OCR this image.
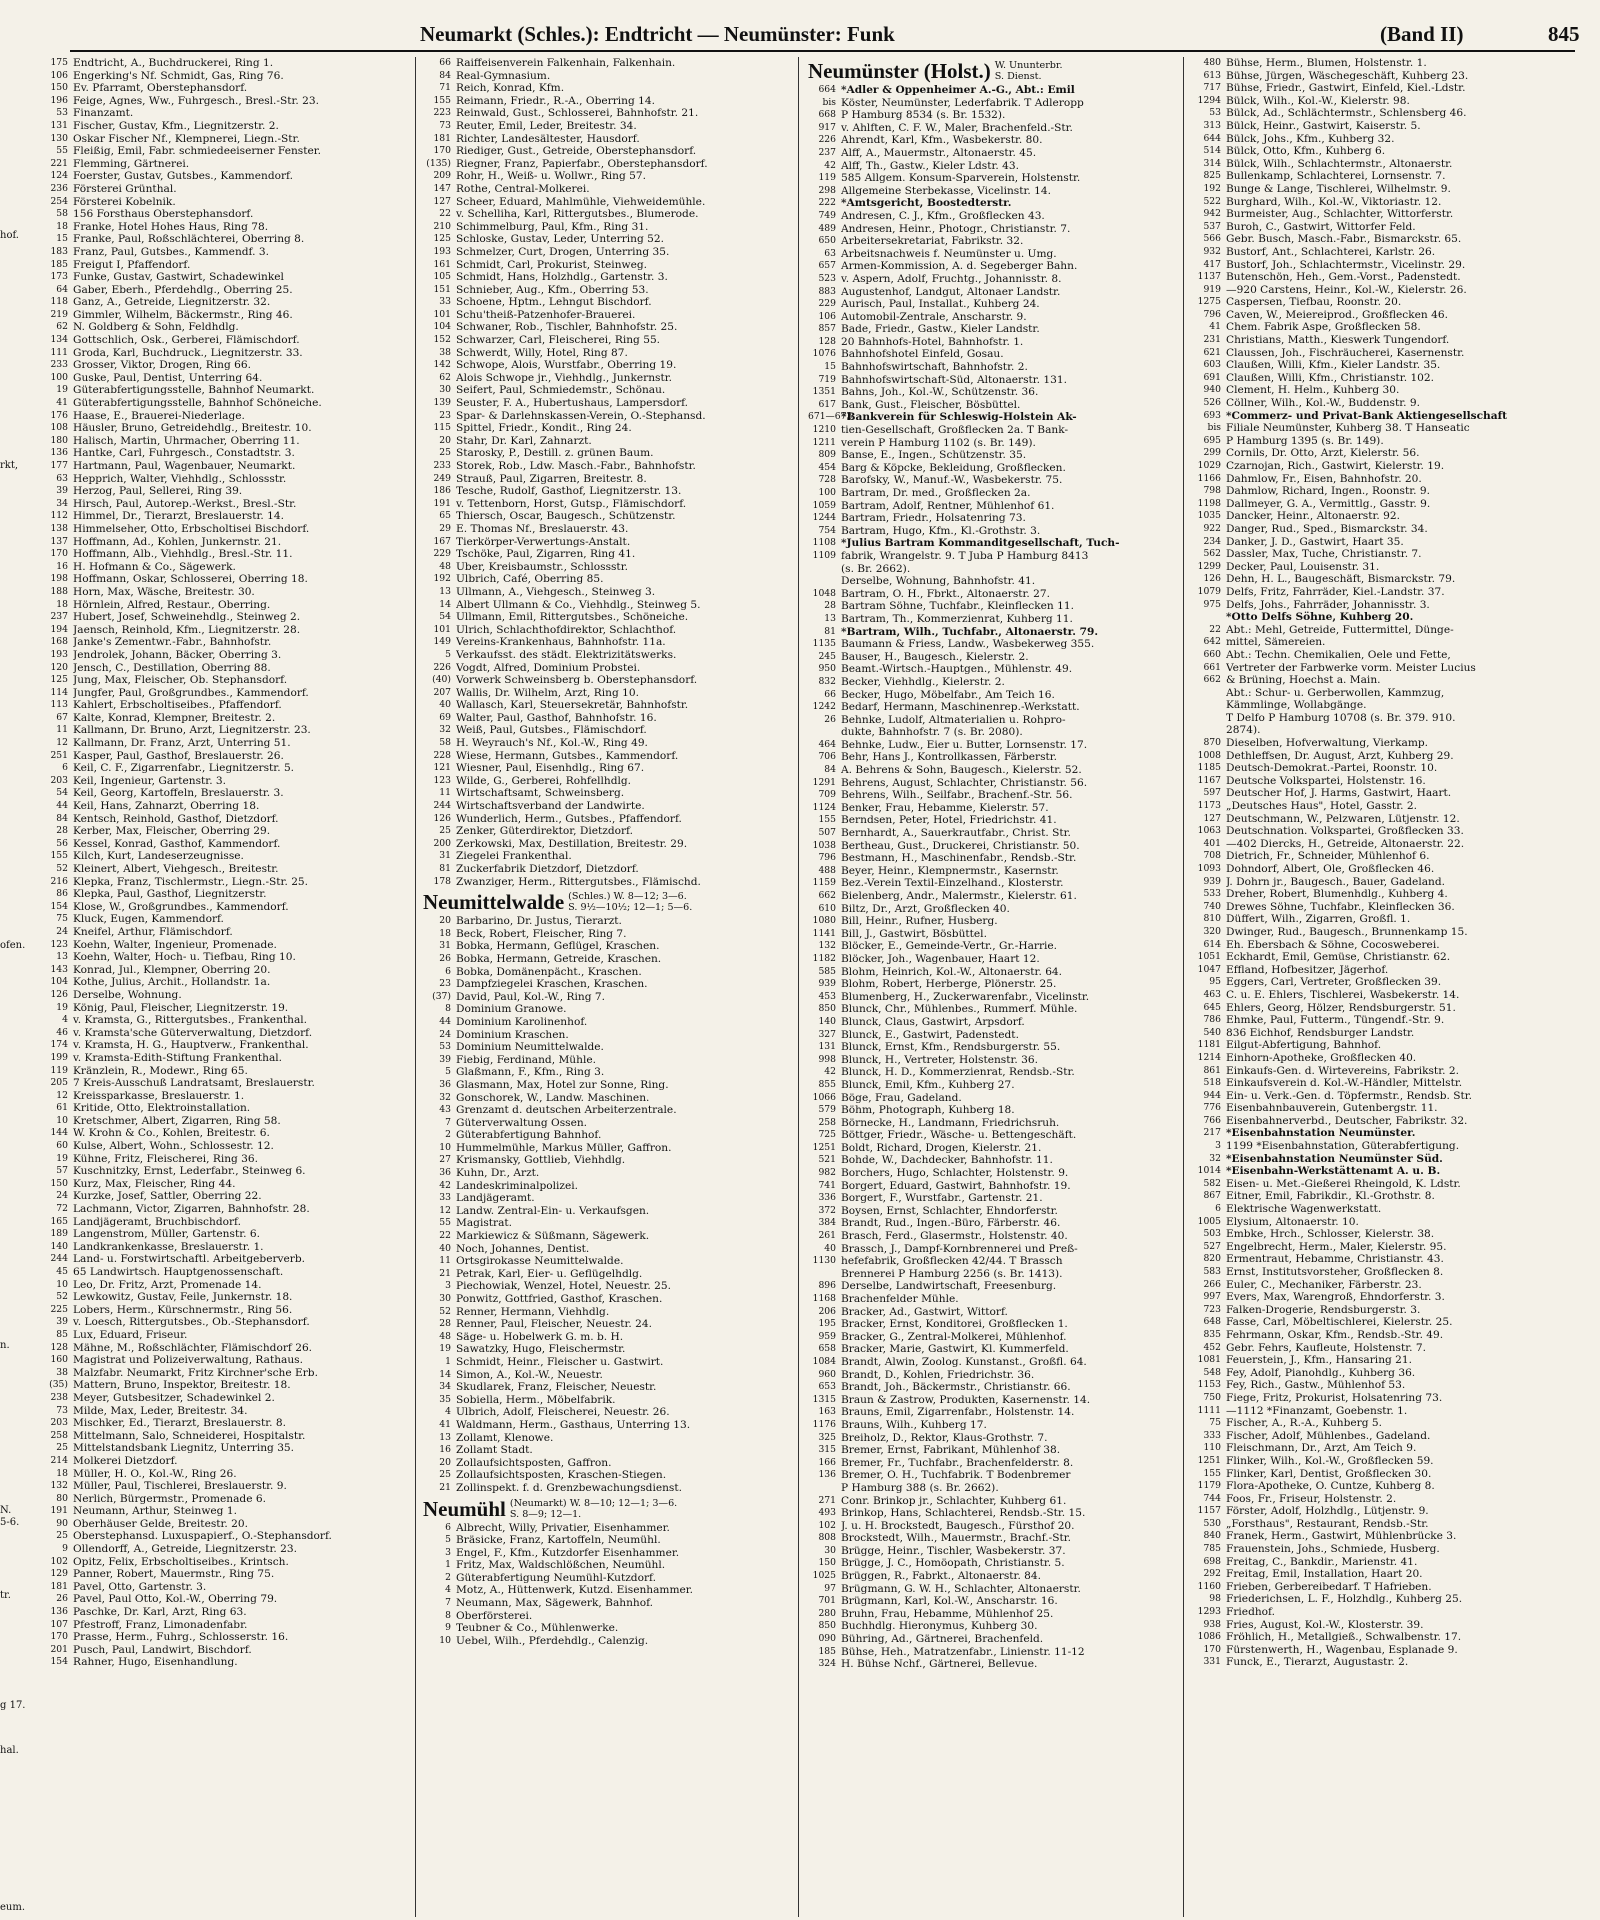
Neumarkt (Schles.): Endtricht — Neumünster: Funk	(Band II)	845
hof.
rkt,
ofen.
n.
N.
5-6.
tr.
g 17.
hal.
eum.
175 Endtricht, A., Buchdruckerei, Ring 1.
106 Engerking's Nf. Schmidt, Gas, Ring 76.
150 Ev. Pfarramt, Oberstephansdorf.
196 Feige, Agnes, Ww., Fuhrgesch., Bresl.-Str. 23.
53 Finanzamt.
131 Fischer, Gustav, Kfm., Liegnitzerstr. 2.
130 Oskar Fischer Nf., Klempnerei, Liegn.-Str.
55 Fleißig, Emil, Fabr. schmiedeeiserner Fenster.
221 Flemming, Gärtnerei.
124 Foerster, Gustav, Gutsbes., Kammendorf.
236 Försterei Grünthal.
254 Försterei Kobelnik.
58 156 Forsthaus Oberstephansdorf.
18 Franke, Hotel Hohes Haus, Ring 78.
15 Franke, Paul, Roßschlächterei, Oberring 8.
183 Franz, Paul, Gutsbes., Kammendf. 3.
185 Freigut I, Pfaffendorf.
173 Funke, Gustav, Gastwirt, Schadewinkel
64 Gaber, Eberh., Pferdehdlg., Oberring 25.
118 Ganz, A., Getreide, Liegnitzerstr. 32.
219 Gimmler, Wilhelm, Bäckermstr., Ring 46.
62 N. Goldberg & Sohn, Feldhdlg.
134 Gottschlich, Osk., Gerberei, Flämischdorf.
111 Groda, Karl, Buchdruck., Liegnitzerstr. 33.
233 Grosser, Viktor, Drogen, Ring 66.
100 Guske, Paul, Dentist, Unterring 64.
19 Güterabfertigungsstelle, Bahnhof Neumarkt.
41 Güterabfertigungsstelle, Bahnhof Schöneiche.
176 Haase, E., Brauerei-Niederlage.
108 Häusler, Bruno, Getreidehdlg., Breitestr. 10.
180 Halisch, Martin, Uhrmacher, Oberring 11.
136 Hantke, Carl, Fuhrgesch., Constadtstr. 3.
177 Hartmann, Paul, Wagenbauer, Neumarkt.
63 Hepprich, Walter, Viehhdlg., Schlossstr.
39 Herzog, Paul, Sellerei, Ring 39.
34 Hirsch, Paul, Autorep.-Werkst., Bresl.-Str.
112 Himmel, Dr., Tierarzt, Breslauerstr. 14.
138 Himmelseher, Otto, Erbscholtisei Bischdorf.
137 Hoffmann, Ad., Kohlen, Junkernstr. 21.
170 Hoffmann, Alb., Viehhdlg., Bresl.-Str. 11.
16 H. Hofmann & Co., Sägewerk.
198 Hoffmann, Oskar, Schlosserei, Oberring 18.
188 Horn, Max, Wäsche, Breitestr. 30.
18 Hörnlein, Alfred, Restaur., Oberring.
237 Hubert, Josef, Schweinehdlg., Steinweg 2.
194 Jaensch, Reinhold, Kfm., Liegnitzerstr. 28.
168 Janke's Zementwr.-Fabr., Bahnhofstr.
193 Jendrolek, Johann, Bäcker, Oberring 3.
120 Jensch, C., Destillation, Oberring 88.
125 Jung, Max, Fleischer, Ob. Stephansdorf.
114 Jungfer, Paul, Großgrundbes., Kammendorf.
113 Kahlert, Erbscholtiseibes., Pfaffendorf.
67 Kalte, Konrad, Klempner, Breitestr. 2.
11 Kallmann, Dr. Bruno, Arzt, Liegnitzerstr. 23.
12 Kallmann, Dr. Franz, Arzt, Unterring 51.
251 Kasper, Paul, Gasthof, Breslauerstr. 26.
6 Keil, C. F., Zigarrenfabr., Liegnitzerstr. 5.
203 Keil, Ingenieur, Gartenstr. 3.
54 Keil, Georg, Kartoffeln, Breslauerstr. 3.
44 Keil, Hans, Zahnarzt, Oberring 18.
84 Kentsch, Reinhold, Gasthof, Dietzdorf.
28 Kerber, Max, Fleischer, Oberring 29.
56 Kessel, Konrad, Gasthof, Kammendorf.
155 Kilch, Kurt, Landeserzeugnisse.
52 Kleinert, Albert, Viehgesch., Breitestr.
216 Klepka, Franz, Tischlermstr., Liegn.-Str. 25.
86 Klepka, Paul, Gasthof, Liegnitzerstr.
154 Klose, W., Großgrundbes., Kammendorf.
75 Kluck, Eugen, Kammendorf.
24 Kneifel, Arthur, Flämischdorf.
123 Koehn, Walter, Ingenieur, Promenade.
13 Koehn, Walter, Hoch- u. Tiefbau, Ring 10.
143 Konrad, Jul., Klempner, Oberring 20.
104 Kothe, Julius, Archit., Hollandstr. 1a.
126 Derselbe, Wohnung.
19 König, Paul, Fleischer, Liegnitzerstr. 19.
4 v. Kramsta, G., Rittergutsbes., Frankenthal.
46 v. Kramsta'sche Güterverwaltung, Dietzdorf.
174 v. Kramsta, H. G., Hauptverw., Frankenthal.
199 v. Kramsta-Edith-Stiftung Frankenthal.
119 Kränzlein, R., Modewr., Ring 65.
205 7 Kreis-Ausschuß Landratsamt, Breslauerstr.
12 Kreissparkasse, Breslauerstr. 1.
61 Kritide, Otto, Elektroinstallation.
10 Kretschmer, Albert, Zigarren, Ring 58.
144 W. Krohn & Co., Kohlen, Breitestr. 6.
60 Kulse, Albert, Wohn., Schlossestr. 12.
19 Kühne, Fritz, Fleischerei, Ring 36.
57 Kuschnitzky, Ernst, Lederfabr., Steinweg 6.
150 Kurz, Max, Fleischer, Ring 44.
24 Kurzke, Josef, Sattler, Oberring 22.
72 Lachmann, Victor, Zigarren, Bahnhofstr. 28.
165 Landjägeramt, Bruchbischdorf.
189 Langenstrom, Müller, Gartenstr. 6.
140 Landkrankenkasse, Breslauerstr. 1.
244 Land- u. Forstwirtschaftl. Arbeitgeberverb.
45 65 Landwirtsch. Hauptgenossenschaft.
10 Leo, Dr. Fritz, Arzt, Promenade 14.
52 Lewkowitz, Gustav, Feile, Junkernstr. 18.
225 Lobers, Herm., Kürschnermstr., Ring 56.
39 v. Loesch, Rittergutsbes., Ob.-Stephansdorf.
85 Lux, Eduard, Friseur.
128 Mähne, M., Roßschlächter, Flämischdorf 26.
160 Magistrat und Polizeiverwaltung, Rathaus.
38 Malzfabr. Neumarkt, Fritz Kirchner'sche Erb.
(35) Mattern, Bruno, Inspektor, Breitestr. 18.
238 Meyer, Gutsbesitzer, Schadewinkel 2.
73 Milde, Max, Leder, Breitestr. 34.
203 Mischker, Ed., Tierarzt, Breslauerstr. 8.
258 Mittelmann, Salo, Schneiderei, Hospitalstr.
25 Mittelstandsbank Liegnitz, Unterring 35.
214 Molkerei Dietzdorf.
18 Müller, H. O., Kol.-W., Ring 26.
132 Müller, Paul, Tischlerei, Breslauerstr. 9.
80 Nerlich, Bürgermstr., Promenade 6.
191 Neumann, Arthur, Steinweg 1.
90 Oberhäuser Gelde, Breitestr. 20.
25 Oberstephansd. Luxuspapierf., O.-Stephansdorf.
9 Ollendorff, A., Getreide, Liegnitzerstr. 23.
102 Opitz, Felix, Erbscholtiseibes., Krintsch.
129 Panner, Robert, Mauermstr., Ring 75.
181 Pavel, Otto, Gartenstr. 3.
26 Pavel, Paul Otto, Kol.-W., Oberring 79.
136 Paschke, Dr. Karl, Arzt, Ring 63.
107 Pfestroff, Franz, Limonadenfabr.
170 Prasse, Herm., Fuhrg., Schlosserstr. 16.
201 Pusch, Paul, Landwirt, Bischdorf.
154 Rahner, Hugo, Eisenhandlung.
66 Raiffeisenverein Falkenhain, Falkenhain.
84 Real-Gymnasium.
71 Reich, Konrad, Kfm.
155 Reimann, Friedr., R.-A., Oberring 14.
223 Reinwald, Gust., Schlosserei, Bahnhofstr. 21.
73 Reuter, Emil, Leder, Breitestr. 34.
181 Richter, Landesältester, Hausdorf.
170 Riediger, Gust., Getreide, Oberstephansdorf.
(135) Riegner, Franz, Papierfabr., Oberstephansdorf.
209 Rohr, H., Weiß- u. Wollwr., Ring 57.
147 Rothe, Central-Molkerei.
127 Scheer, Eduard, Mahlmühle, Viehweidemühle.
22 v. Schelliha, Karl, Rittergutsbes., Blumerode.
210 Schimmelburg, Paul, Kfm., Ring 31.
125 Schloske, Gustav, Leder, Unterring 52.
193 Schmelzer, Curt, Drogen, Unterring 35.
161 Schmidt, Carl, Prokurist, Steinweg.
105 Schmidt, Hans, Holzhdlg., Gartenstr. 3.
151 Schnieber, Aug., Kfm., Oberring 53.
33 Schoene, Hptm., Lehngut Bischdorf.
101 Schu'theiß-Patzenhofer-Brauerei.
104 Schwaner, Rob., Tischler, Bahnhofstr. 25.
152 Schwarzer, Carl, Fleischerei, Ring 55.
38 Schwerdt, Willy, Hotel, Ring 87.
142 Schwope, Alois, Wurstfabr., Oberring 19.
62 Alois Schwope jr., Viehhdlg., Junkernstr.
30 Seifert, Paul, Schmiedemstr., Schönau.
139 Seuster, F. A., Hubertushaus, Lampersdorf.
23 Spar- & Darlehnskassen-Verein, O.-Stephansd.
115 Spittel, Friedr., Kondit., Ring 24.
20 Stahr, Dr. Karl, Zahnarzt.
25 Starosky, P., Destill. z. grünen Baum.
233 Storek, Rob., Ldw. Masch.-Fabr., Bahnhofstr.
249 Strauß, Paul, Zigarren, Breitestr. 8.
186 Tesche, Rudolf, Gasthof, Liegnitzerstr. 13.
191 v. Tettenborn, Horst, Gutsp., Flämischdorf.
65 Thiersch, Oscar, Baugesch., Schützenstr.
29 E. Thomas Nf., Breslauerstr. 43.
167 Tierkörper-Verwertungs-Anstalt.
229 Tschöke, Paul, Zigarren, Ring 41.
48 Uber, Kreisbaumstr., Schlossstr.
192 Ulbrich, Café, Oberring 85.
13 Ullmann, A., Viehgesch., Steinweg 3.
14 Albert Ullmann & Co., Viehhdlg., Steinweg 5.
54 Ullmann, Emil, Rittergutsbes., Schöneiche.
101 Ulrich, Schlachthofdirektor, Schlachthof.
149 Vereins-Krankenhaus, Bahnhofstr. 11a.
5 Verkaufsst. des städt. Elektrizitätswerks.
226 Vogdt, Alfred, Dominium Probstei.
(40) Vorwerk Schweinsberg b. Oberstephansdorf.
207 Wallis, Dr. Wilhelm, Arzt, Ring 10.
40 Wallasch, Karl, Steuersekretär, Bahnhofstr.
69 Walter, Paul, Gasthof, Bahnhofstr. 16.
32 Weiß, Paul, Gutsbes., Flämischdorf.
58 H. Weyrauch's Nf., Kol.-W., Ring 49.
228 Wiese, Hermann, Gutsbes., Kammendorf.
121 Wiesner, Paul, Eisenhdlg., Ring 67.
123 Wilde, G., Gerberei, Rohfellhdlg.
11 Wirtschaftsamt, Schweinsberg.
244 Wirtschaftsverband der Landwirte.
126 Wunderlich, Herm., Gutsbes., Pfaffendorf.
25 Zenker, Güterdirektor, Dietzdorf.
200 Zerkowski, Max, Destillation, Breitestr. 29.
31 Ziegelei Frankenthal.
81 Zuckerfabrik Dietzdorf, Dietzdorf.
178 Zwanziger, Herm., Rittergutsbes., Flämischd.
Neumittelwalde (Schles.) W. 8—12; 3—6.
S. 9½—10½; 12—1; 5—6.
20 Barbarino, Dr. Justus, Tierarzt.
18 Beck, Robert, Fleischer, Ring 7.
31 Bobka, Hermann, Geflügel, Kraschen.
26 Bobka, Hermann, Getreide, Kraschen.
6 Bobka, Domänenpächt., Kraschen.
23 Dampfziegelei Kraschen, Kraschen.
(37) David, Paul, Kol.-W., Ring 7.
8 Dominium Granowe.
44 Dominium Karolinenhof.
24 Dominium Kraschen.
53 Dominium Neumittelwalde.
39 Fiebig, Ferdinand, Mühle.
5 Glaßmann, F., Kfm., Ring 3.
36 Glasmann, Max, Hotel zur Sonne, Ring.
32 Gonschorek, W., Landw. Maschinen.
43 Grenzamt d. deutschen Arbeiterzentrale.
7 Güterverwaltung Ossen.
2 Güterabfertigung Bahnhof.
10 Hummelmühle, Markus Müller, Gaffron.
27 Krismansky, Gottlieb, Viehhdlg.
36 Kuhn, Dr., Arzt.
42 Landeskriminalpolizei.
33 Landjägeramt.
12 Landw. Zentral-Ein- u. Verkaufsgen.
55 Magistrat.
22 Markiewicz & Süßmann, Sägewerk.
40 Noch, Johannes, Dentist.
11 Ortsgirokasse Neumittelwalde.
21 Petrak, Karl, Eier- u. Geflügelhdlg.
3 Piechowiak, Wenzel, Hotel, Neuestr. 25.
30 Ponwitz, Gottfried, Gasthof, Kraschen.
52 Renner, Hermann, Viehhdlg.
28 Renner, Paul, Fleischer, Neuestr. 24.
48 Säge- u. Hobelwerk G. m. b. H.
19 Sawatzky, Hugo, Fleischermstr.
1 Schmidt, Heinr., Fleischer u. Gastwirt.
14 Simon, A., Kol.-W., Neuestr.
34 Skudlarek, Franz, Fleischer, Neuestr.
35 Sobiella, Herm., Möbelfabrik.
4 Ulbrich, Adolf, Fleischerei, Neuestr. 26.
41 Waldmann, Herm., Gasthaus, Unterring 13.
13 Zollamt, Klenowe.
16 Zollamt Stadt.
20 Zollaufsichtsposten, Gaffron.
25 Zollaufsichtsposten, Kraschen-Stiegen.
21 Zollinspekt. f. d. Grenzbewachungsdienst.
Neumühl (Neumarkt) W. 8—10; 12—1; 3—6.
S. 8—9; 12—1.
6 Albrecht, Willy, Privatier, Eisenhammer.
5 Bräsicke, Franz, Kartoffeln, Neumühl.
3 Engel, F., Kfm., Kutzdorfer Eisenhammer.
1 Fritz, Max, Waldschlößchen, Neumühl.
2 Güterabfertigung Neumühl-Kutzdorf.
4 Motz, A., Hüttenwerk, Kutzd. Eisenhammer.
7 Neumann, Max, Sägewerk, Bahnhof.
8 Oberförsterei.
9 Teubner & Co., Mühlenwerke.
10 Uebel, Wilh., Pferdehdlg., Calenzig.
Neumünster (Holst.) W. Ununterbr.
S. Dienst.
664 *Adler & Oppenheimer A.-G., Abt.: Emil
bis Köster, Neumünster, Lederfabrik. T Adleropp
668 P Hamburg 8534 (s. Br. 1532).
917 v. Ahlften, C. F. W., Maler, Brachenfeld.-Str.
226 Ahrendt, Karl, Kfm., Wasbekerstr. 80.
237 Alff, A., Mauermstr., Altonaerstr. 45.
42 Alff, Th., Gastw., Kieler Ldstr. 43.
119 585 Allgem. Konsum-Sparverein, Holstenstr.
298 Allgemeine Sterbekasse, Vicelinstr. 14.
222 *Amtsgericht, Boostedterstr.
749 Andresen, C. J., Kfm., Großflecken 43.
489 Andresen, Heinr., Photogr., Christianstr. 7.
650 Arbeitersekretariat, Fabrikstr. 32.
63 Arbeitsnachweis f. Neumünster u. Umg.
657 Armen-Kommission, A. d. Segeberger Bahn.
523 v. Aspern, Adolf, Fruchtg., Johannisstr. 8.
883 Augustenhof, Landgut, Altonaer Landstr.
229 Aurisch, Paul, Installat., Kuhberg 24.
106 Automobil-Zentrale, Anscharstr. 9.
857 Bade, Friedr., Gastw., Kieler Landstr.
128 20 Bahnhofs-Hotel, Bahnhofstr. 1.
1076 Bahnhofshotel Einfeld, Gosau.
15 Bahnhofswirtschaft, Bahnhofstr. 2.
719 Bahnhofswirtschaft-Süd, Altonaerstr. 131.
1351 Bahns, Joh., Kol.-W., Schützenstr. 36.
617 Bank, Gust., Fleischer, Bösbüttel.
671—673
*Bankverein für Schleswig-Holstein Ak-
1210 tien-Gesellschaft, Großflecken 2a. T Bank-
1211 verein P Hamburg 1102 (s. Br. 149).
809 Banse, E., Ingen., Schützenstr. 35.
454 Barg & Köpcke, Bekleidung, Großflecken.
728 Barofsky, W., Manuf.-W., Wasbekerstr. 75.
100 Bartram, Dr. med., Großflecken 2a.
1059 Bartram, Adolf, Rentner, Mühlenhof 61.
1244 Bartram, Friedr., Holsatenring 73.
754 Bartram, Hugo, Kfm., Kl.-Grothstr. 3.
1108 *Julius Bartram Kommanditgesellschaft, Tuch-
1109 fabrik, Wrangelstr. 9. T Juba P Hamburg 8413
(s. Br. 2662).
Derselbe, Wohnung, Bahnhofstr. 41.
1048 Bartram, O. H., Fbrkt., Altonaerstr. 27.
28 Bartram Söhne, Tuchfabr., Kleinflecken 11.
13 Bartram, Th., Kommerzienrat, Kuhberg 11.
81 *Bartram, Wilh., Tuchfabr., Altonaerstr. 79.
1135 Baumann & Friess, Landw., Wasbekerweg 355.
245 Bauser, H., Baugesch., Kielerstr. 2.
950 Beamt.-Wirtsch.-Hauptgen., Mühlenstr. 49.
832 Becker, Viehhdlg., Kielerstr. 2.
66 Becker, Hugo, Möbelfabr., Am Teich 16.
1242 Bedarf, Hermann, Maschinenrep.-Werkstatt.
26 Behnke, Ludolf, Altmaterialien u. Rohpro-
dukte, Bahnhofstr. 7 (s. Br. 2080).
464 Behnke, Ludw., Eier u. Butter, Lornsenstr. 17.
706 Behr, Hans J., Kontrollkassen, Färberstr.
84 A. Behrens & Sohn, Baugesch., Kielerstr. 52.
1291 Behrens, August, Schlachter, Christianstr. 56.
709 Behrens, Wilh., Seilfabr., Brachenf.-Str. 56.
1124 Benker, Frau, Hebamme, Kielerstr. 57.
155 Berndsen, Peter, Hotel, Friedrichstr. 41.
507 Bernhardt, A., Sauerkrautfabr., Christ. Str.
1038 Bertheau, Gust., Druckerei, Christianstr. 50.
796 Bestmann, H., Maschinenfabr., Rendsb.-Str.
488 Beyer, Heinr., Klempnermstr., Kasernstr.
1159 Bez.-Verein Textil-Einzelhand., Klosterstr.
662 Bielenberg, Andr., Malermstr., Kielerstr. 61.
610 Biltz, Dr., Arzt, Großflecken 40.
1080 Bill, Heinr., Rufner, Husberg.
1141 Bill, J., Gastwirt, Bösbüttel.
132 Blöcker, E., Gemeinde-Vertr., Gr.-Harrie.
1182 Blöcker, Joh., Wagenbauer, Haart 12.
585 Blohm, Heinrich, Kol.-W., Altonaerstr. 64.
939 Blohm, Robert, Herberge, Plönerstr. 25.
453 Blumenberg, H., Zuckerwarenfabr., Vicelinstr.
850 Blunck, Chr., Mühlenbes., Rummerf. Mühle.
140 Blunck, Claus, Gastwirt, Arpsdorf.
327 Blunck, E., Gastwirt, Padenstedt.
131 Blunck, Ernst, Kfm., Rendsburgerstr. 55.
998 Blunck, H., Vertreter, Holstenstr. 36.
42 Blunck, H. D., Kommerzienrat, Rendsb.-Str.
855 Blunck, Emil, Kfm., Kuhberg 27.
1066 Böge, Frau, Gadeland.
579 Böhm, Photograph, Kuhberg 18.
258 Börnecke, H., Landmann, Friedrichsruh.
725 Böttger, Friedr., Wäsche- u. Bettengeschäft.
1251 Boldt, Richard, Drogen, Kielerstr. 21.
521 Bohde, W., Dachdecker, Bahnhofstr. 11.
982 Borchers, Hugo, Schlachter, Holstenstr. 9.
741 Borgert, Eduard, Gastwirt, Bahnhofstr. 19.
336 Borgert, F., Wurstfabr., Gartenstr. 21.
372 Boysen, Ernst, Schlachter, Ehndorferstr.
384 Brandt, Rud., Ingen.-Büro, Färberstr. 46.
261 Brasch, Ferd., Glasermstr., Holstenstr. 40.
40 Brassch, J., Dampf-Kornbrennerei und Preß-
1130 hefefabrik, Großflecken 42/44. T Brassch
Brennerei P Hamburg 2256 (s. Br. 1413).
896 Derselbe, Landwirtschaft, Freesenburg.
1168 Brachenfelder Mühle.
206 Bracker, Ad., Gastwirt, Wittorf.
195 Bracker, Ernst, Konditorei, Großflecken 1.
959 Bracker, G., Zentral-Molkerei, Mühlenhof.
658 Bracker, Marie, Gastwirt, Kl. Kummerfeld.
1084 Brandt, Alwin, Zoolog. Kunstanst., Großfl. 64.
960 Brandt, D., Kohlen, Friedrichstr. 36.
653 Brandt, Joh., Bäckermstr., Christianstr. 66.
1315 Braun & Zastrow, Produkten, Kasernenstr. 14.
163 Brauns, Emil, Zigarrenfabr., Holstenstr. 14.
1176 Brauns, Wilh., Kuhberg 17.
325 Breiholz, D., Rektor, Klaus-Grothstr. 7.
315 Bremer, Ernst, Fabrikant, Mühlenhof 38.
166 Bremer, Fr., Tuchfabr., Brachenfelderstr. 8.
136 Bremer, O. H., Tuchfabrik. T Bodenbremer
P Hamburg 388 (s. Br. 2662).
271 Conr. Brinkop jr., Schlachter, Kuhberg 61.
493 Brinkop, Hans, Schlachterei, Rendsb.-Str. 15.
102 J. u. H. Brockstedt, Baugesch., Fürsthof 20.
808 Brockstedt, Wilh., Mauermstr., Brachf.-Str.
30 Brügge, Heinr., Tischler, Wasbekerstr. 37.
150 Brügge, J. C., Homöopath, Christianstr. 5.
1025 Brüggen, R., Fabrkt., Altonaerstr. 84.
97 Brügmann, G. W. H., Schlachter, Altonaerstr.
701 Brügmann, Karl, Kol.-W., Anscharstr. 16.
280 Bruhn, Frau, Hebamme, Mühlenhof 25.
850 Buchhdlg. Hieronymus, Kuhberg 30.
090 Bühring, Ad., Gärtnerei, Brachenfeld.
185 Bühse, Heh., Matratzenfabr., Linienstr. 11-12
324 H. Bühse Nchf., Gärtnerei, Bellevue.
480 Bühse, Herm., Blumen, Holstenstr. 1.
613 Bühse, Jürgen, Wäschegeschäft, Kuhberg 23.
717 Bühse, Friedr., Gastwirt, Einfeld, Kiel.-Ldstr.
1294 Bülck, Wilh., Kol.-W., Kielerstr. 98.
53 Bülck, Ad., Schlächtermstr., Schlensberg 46.
313 Bülck, Heinr., Gastwirt, Kaiserstr. 5.
644 Bülck, Johs., Kfm., Kuhberg 32.
514 Bülck, Otto, Kfm., Kuhberg 6.
314 Bülck, Wilh., Schlachtermstr., Altonaerstr.
825 Bullenkamp, Schlachterei, Lornsenstr. 7.
192 Bunge & Lange, Tischlerei, Wilhelmstr. 9.
522 Burghard, Wilh., Kol.-W., Viktoriastr. 12.
942 Burmeister, Aug., Schlachter, Wittorferstr.
537 Buroh, C., Gastwirt, Wittorfer Feld.
566 Gebr. Busch, Masch.-Fabr., Bismarckstr. 65.
932 Bustorf, Ant., Schlachterei, Karlstr. 26.
417 Bustorf, Joh., Schlachtermstr., Vicelinstr. 29.
1137 Butenschön, Heh., Gem.-Vorst., Padenstedt.
919 —920 Carstens, Heinr., Kol.-W., Kielerstr. 26.
1275 Caspersen, Tiefbau, Roonstr. 20.
796 Caven, W., Meiereiprod., Großflecken 46.
41 Chem. Fabrik Aspe, Großflecken 58.
231 Christians, Matth., Kieswerk Tungendorf.
621 Claussen, Joh., Fischräucherei, Kasernenstr.
603 Claußen, Willi, Kfm., Kieler Landstr. 35.
691 Claußen, Willi, Kfm., Christianstr. 102.
940 Clement, H. Helm., Kuhberg 30.
526 Cöllner, Wilh., Kol.-W., Buddenstr. 9.
693 *Commerz- und Privat-Bank Aktiengesellschaft
bis Filiale Neumünster, Kuhberg 38. T Hanseatic
695 P Hamburg 1395 (s. Br. 149).
299 Cornils, Dr. Otto, Arzt, Kielerstr. 56.
1029 Czarnojan, Rich., Gastwirt, Kielerstr. 19.
1166 Dahmlow, Fr., Eisen, Bahnhofstr. 20.
798 Dahmlow, Richard, Ingen., Roonstr. 9.
1198 Dallmeyer, G. A., Vermittlg., Gasstr. 9.
1035 Dancker, Heinr., Altonaerstr. 92.
922 Danger, Rud., Sped., Bismarckstr. 34.
234 Danker, J. D., Gastwirt, Haart 35.
562 Dassler, Max, Tuche, Christianstr. 7.
1299 Decker, Paul, Louisenstr. 31.
126 Dehn, H. L., Baugeschäft, Bismarckstr. 79.
1079 Delfs, Fritz, Fahrräder, Kiel.-Landstr. 37.
975 Delfs, Johs., Fahrräder, Johannisstr. 3.
*Otto Delfs Söhne, Kuhberg 20.
22 Abt.: Mehl, Getreide, Futtermittel, Dünge-
642 mittel, Sämereien.
660 Abt.: Techn. Chemikalien, Oele und Fette,
661 Vertreter der Farbwerke vorm. Meister Lucius
662 & Brüning, Hoechst a. Main.
Abt.: Schur- u. Gerberwollen, Kammzug,
Kämmlinge, Wollabgänge.
T Delfo P Hamburg 10708 (s. Br. 379. 910.
2874).
870 Dieselben, Hofverwaltung, Vierkamp.
1008 Dethleffsen, Dr. August, Arzt, Kuhberg 29.
1185 Deutsch-Demokrat.-Partei, Roonstr. 10.
1167 Deutsche Volkspartei, Holstenstr. 16.
597 Deutscher Hof, J. Harms, Gastwirt, Haart.
1173 „Deutsches Haus", Hotel, Gasstr. 2.
127 Deutschmann, W., Pelzwaren, Lütjenstr. 12.
1063 Deutschnation. Volkspartei, Großflecken 33.
401 —402 Diercks, H., Getreide, Altonaerstr. 22.
708 Dietrich, Fr., Schneider, Mühlenhof 6.
1093 Dohndorf, Albert, Ole, Großflecken 46.
939 J. Dohrn jr., Baugesch., Bauer, Gadeland.
533 Dreher, Robert, Blumenhdlg., Kuhberg 4.
740 Drewes Söhne, Tuchfabr., Kleinflecken 36.
810 Düffert, Wilh., Zigarren, Großfl. 1.
320 Dwinger, Rud., Baugesch., Brunnenkamp 15.
614 Eh. Ebersbach & Söhne, Cocosweberei.
1051 Eckhardt, Emil, Gemüse, Christianstr. 62.
1047 Effland, Hofbesitzer, Jägerhof.
95 Eggers, Carl, Vertreter, Großflecken 39.
463 C. u. E. Ehlers, Tischlerei, Wasbekerstr. 14.
645 Ehlers, Georg, Hölzer, Rendsburgerstr. 51.
786 Ehmke, Paul, Futterm., Tüngendf.-Str. 9.
540 836 Eichhof, Rendsburger Landstr.
1181 Eilgut-Abfertigung, Bahnhof.
1214 Einhorn-Apotheke, Großflecken 40.
861 Einkaufs-Gen. d. Wirtevereins, Fabrikstr. 2.
518 Einkaufsverein d. Kol.-W.-Händler, Mittelstr.
944 Ein- u. Verk.-Gen. d. Töpfermstr., Rendsb. Str.
776 Eisenbahnbauverein, Gutenbergstr. 11.
766 Eisenbahnerverbd., Deutscher, Fabrikstr. 32.
217 *Eisenbahnstation Neumünster.
3 1199 *Eisenbahnstation, Güterabfertigung.
32 *Eisenbahnstation Neumünster Süd.
1014 *Eisenbahn-Werkstättenamt A. u. B.
582 Eisen- u. Met.-Gießerei Rheingold, K. Ldstr.
867 Eitner, Emil, Fabrikdir., Kl.-Grothstr. 8.
6 Elektrische Wagenwerkstatt.
1005 Elysium, Altonaerstr. 10.
503 Embke, Hrch., Schlosser, Kielerstr. 38.
527 Engelbrecht, Herm., Maler, Kielerstr. 95.
820 Ermentraut, Hebamme, Christianstr. 43.
583 Ernst, Institutsvorsteher, Großflecken 8.
266 Euler, C., Mechaniker, Färberstr. 23.
997 Evers, Max, Warengroß, Ehndorferstr. 3.
723 Falken-Drogerie, Rendsburgerstr. 3.
648 Fasse, Carl, Möbeltischlerei, Kielerstr. 25.
835 Fehrmann, Oskar, Kfm., Rendsb.-Str. 49.
452 Gebr. Fehrs, Kaufleute, Holstenstr. 7.
1081 Feuerstein, J., Kfm., Hansaring 21.
548 Fey, Adolf, Pianohdlg., Kuhberg 36.
1153 Fey, Rich., Gastw., Mühlenhof 53.
750 Fiege, Fritz, Prokurist, Holsatenring 73.
1111 —1112 *Finanzamt, Goebenstr. 1.
75 Fischer, A., R.-A., Kuhberg 5.
333 Fischer, Adolf, Mühlenbes., Gadeland.
110 Fleischmann, Dr., Arzt, Am Teich 9.
1251 Flinker, Wilh., Kol.-W., Großflecken 59.
155 Flinker, Karl, Dentist, Großflecken 30.
1179 Flora-Apotheke, O. Cuntze, Kuhberg 8.
744 Foos, Fr., Friseur, Holstenstr. 2.
1157 Förster, Adolf, Holzhdlg., Lütjenstr. 9.
530 „Forsthaus", Restaurant, Rendsb.-Str.
840 Franek, Herm., Gastwirt, Mühlenbrücke 3.
785 Frauenstein, Johs., Schmiede, Husberg.
698 Freitag, C., Bankdir., Marienstr. 41.
292 Freitag, Emil, Installation, Haart 20.
1160 Frieben, Gerbereibedarf. T Hafrieben.
98 Friederichsen, L. F., Holzhdlg., Kuhberg 25.
1293 Friedhof.
938 Fries, August, Kol.-W., Klosterstr. 39.
1086 Fröhlich, H., Metallgieß., Schwalbenstr. 17.
170 Fürstenwerth, H., Wagenbau, Esplanade 9.
331 Funck, E., Tierarzt, Augustastr. 2.
